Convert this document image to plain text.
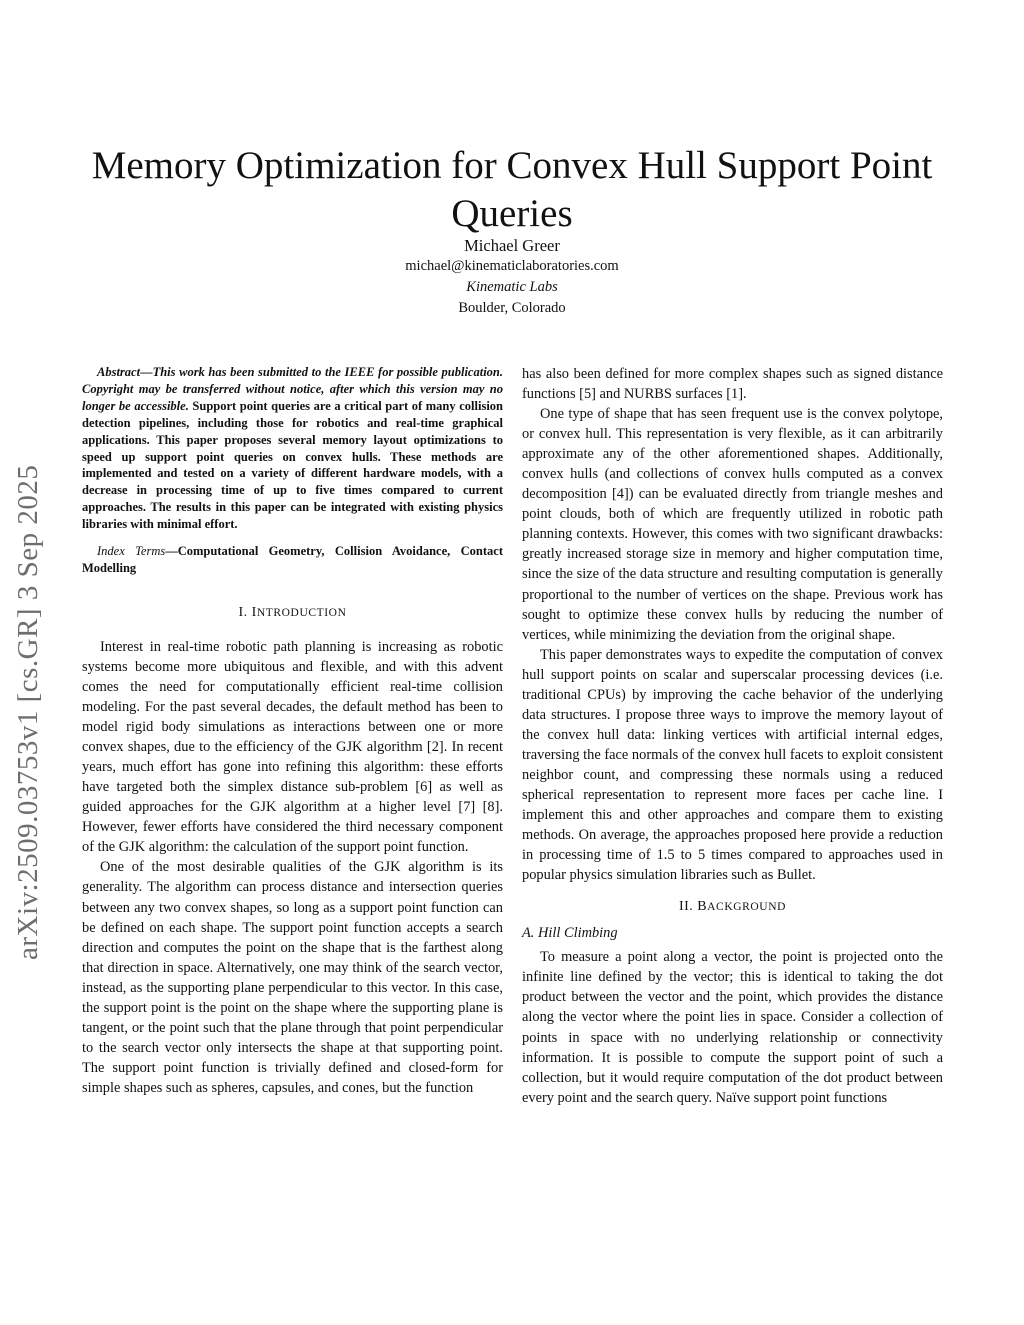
arXiv:2509.03753v1 [cs.GR] 3 Sep 2025
Memory Optimization for Convex Hull Support Point Queries
Michael Greer
michael@kinematiclaboratories.com
Kinematic Labs
Boulder, Colorado

Abstract—This work has been submitted to the IEEE for possible publication. Copyright may be transferred without notice, after which this version may no longer be accessible. Support point queries are a critical part of many collision detection pipelines, including those for robotics and real-time graphical applications. This paper proposes several memory layout optimizations to speed up support point queries on convex hulls. These methods are implemented and tested on a variety of different hardware models, with a decrease in processing time of up to five times compared to current approaches. The results in this paper can be integrated with existing physics libraries with minimal effort.

Index Terms—Computational Geometry, Collision Avoidance, Contact Modelling

I. INTRODUCTION

Interest in real-time robotic path planning is increasing as robotic systems become more ubiquitous and flexible, and with this advent comes the need for computationally efficient real-time collision modeling. For the past several decades, the default method has been to model rigid body simulations as interactions between one or more convex shapes, due to the efficiency of the GJK algorithm [2]. In recent years, much effort has gone into refining this algorithm: these efforts have targeted both the simplex distance sub-problem [6] as well as guided approaches for the GJK algorithm at a higher level [7] [8]. However, fewer efforts have considered the third necessary component of the GJK algorithm: the calculation of the support point function.

One of the most desirable qualities of the GJK algorithm is its generality. The algorithm can process distance and intersection queries between any two convex shapes, so long as a support point function can be defined on each shape. The support point function accepts a search direction and computes the point on the shape that is the farthest along that direction in space. Alternatively, one may think of the search vector, instead, as the supporting plane perpendicular to this vector. In this case, the support point is the point on the shape where the supporting plane is tangent, or the point such that the plane through that point perpendicular to the search vector only intersects the shape at that supporting point. The support point function is trivially defined and closed-form for simple shapes such as spheres, capsules, and cones, but the function

has also been defined for more complex shapes such as signed distance functions [5] and NURBS surfaces [1].

One type of shape that has seen frequent use is the convex polytope, or convex hull. This representation is very flexible, as it can arbitrarily approximate any of the other aforementioned shapes. Additionally, convex hulls (and collections of convex hulls computed as a convex decomposition [4]) can be evaluated directly from triangle meshes and point clouds, both of which are frequently utilized in robotic path planning contexts. However, this comes with two significant drawbacks: greatly increased storage size in memory and higher computation time, since the size of the data structure and resulting computation is generally proportional to the number of vertices on the shape. Previous work has sought to optimize these convex hulls by reducing the number of vertices, while minimizing the deviation from the original shape.

This paper demonstrates ways to expedite the computation of convex hull support points on scalar and superscalar processing devices (i.e. traditional CPUs) by improving the cache behavior of the underlying data structures. I propose three ways to improve the memory layout of the convex hull data: linking vertices with artificial internal edges, traversing the face normals of the convex hull facets to exploit consistent neighbor count, and compressing these normals using a reduced spherical representation to represent more faces per cache line. I implement this and other approaches and compare them to existing methods. On average, the approaches proposed here provide a reduction in processing time of 1.5 to 5 times compared to approaches used in popular physics simulation libraries such as Bullet.

II. BACKGROUND
A. Hill Climbing

To measure a point along a vector, the point is projected onto the infinite line defined by the vector; this is identical to taking the dot product between the vector and the point, which provides the distance along the vector where the point lies in space. Consider a collection of points in space with no underlying relationship or connectivity information. It is possible to compute the support point of such a collection, but it would require computation of the dot product between every point and the search query. Naïve support point functions
